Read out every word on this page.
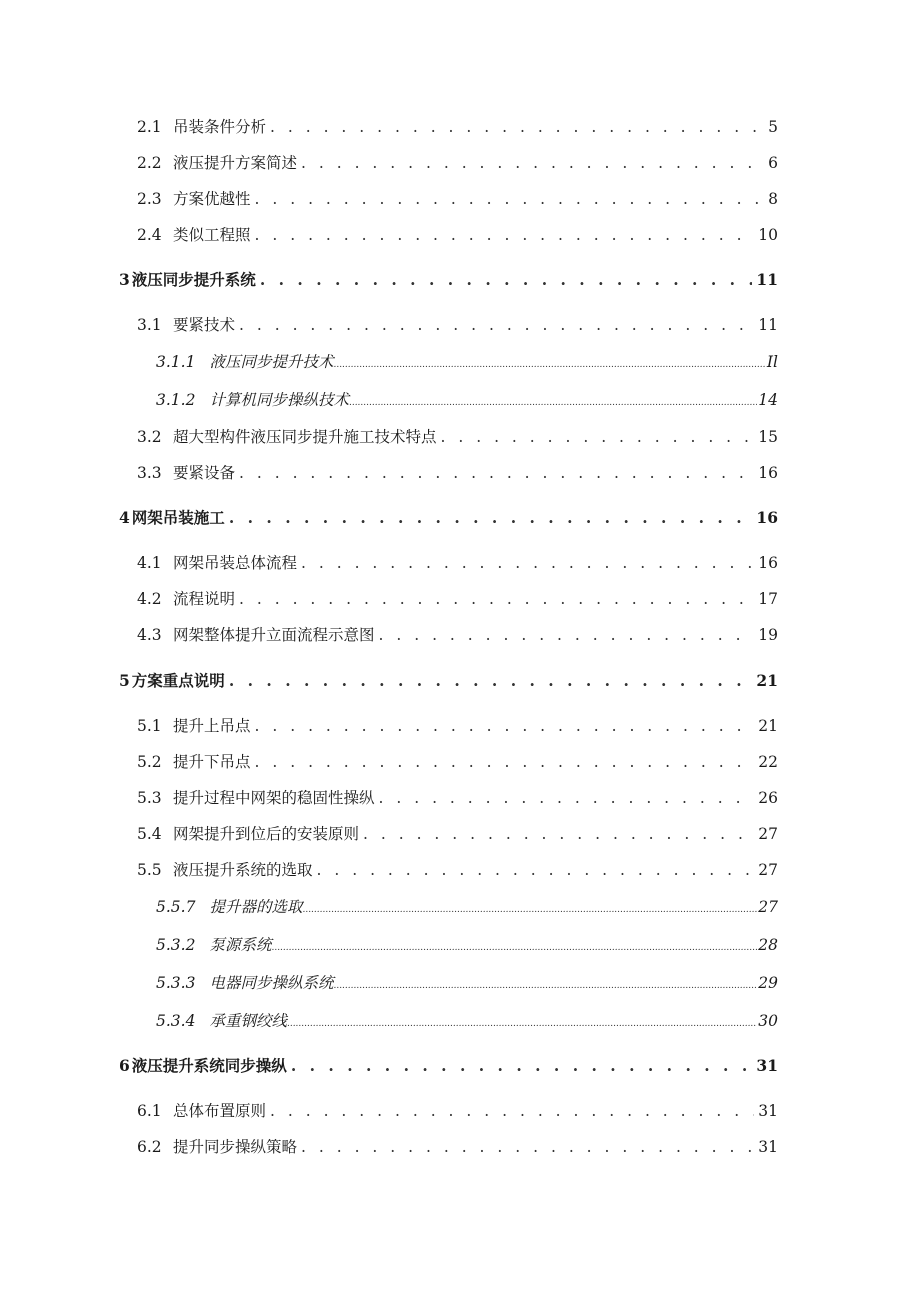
2.1 吊装条件分析 . . .	5
2.2 液压提升方案简述 . . .	6
2.3 方案优越性 . . .	8
2.4 类似工程照 . . .	10
3 液压同步提升系统 . . .	11
3.1 要紧技术 . . .	11
3.1.1 液压同步提升技术 .....	Il
3.1.2 计算机同步操纵技术 .....	14
3.2 超大型构件液压同步提升施工技术特点 . . .	15
3.3 要紧设备 . . .	16
4 网架吊装施工 . . .	16
4.1 网架吊装总体流程 . . .	16
4.2 流程说明 . . .	17
4.3 网架整体提升立面流程示意图 . . .	19
5 方案重点说明 . . .	21
5.1 提升上吊点 . . .	21
5.2 提升下吊点 . . .	22
5.3 提升过程中网架的稳固性操纵 . . .	26
5.4 网架提升到位后的安装原则 . . .	27
5.5 液压提升系统的选取 . . .	27
5.5.7 提升器的选取 .....	27
5.3.2 泵源系统 .....	28
5.3.3 电器同步操纵系统 .....	29
5.3.4 承重钢绞线 .....	30
6 液压提升系统同步操纵 . . .	31
6.1 总体布置原则 . . .	31
6.2 提升同步操纵策略 . . .	31
